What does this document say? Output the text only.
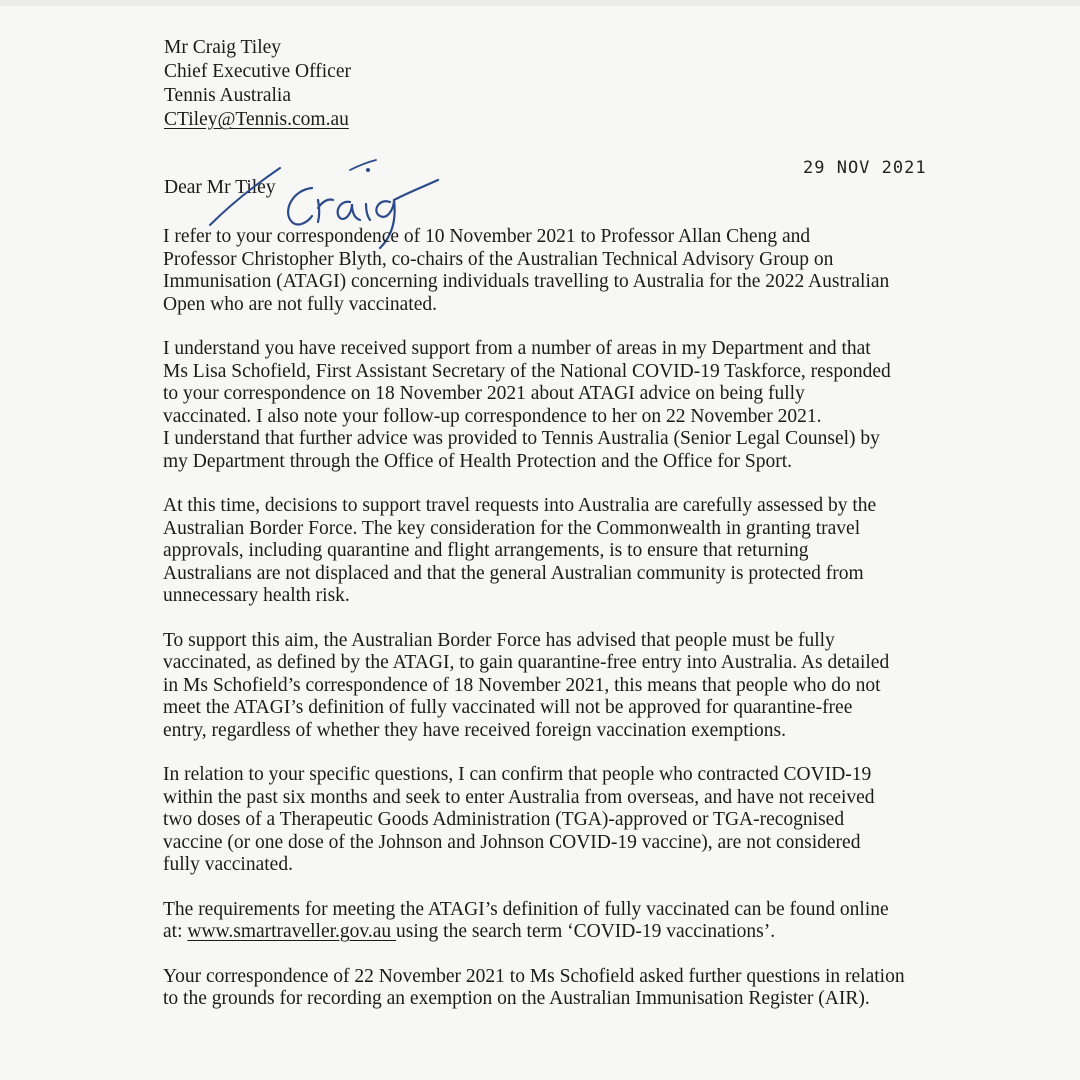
Mr Craig Tiley
Chief Executive Officer
Tennis Australia
CTiley@Tennis.com.au
29 NOV 2021
Dear Mr Tiley

I refer to your correspondence of 10 November 2021 to Professor Allan Cheng and
Professor Christopher Blyth, co-chairs of the Australian Technical Advisory Group on
Immunisation (ATAGI) concerning individuals travelling to Australia for the 2022 Australian
Open who are not fully vaccinated.

I understand you have received support from a number of areas in my Department and that
Ms Lisa Schofield, First Assistant Secretary of the National COVID-19 Taskforce, responded
to your correspondence on 18 November 2021 about ATAGI advice on being fully
vaccinated. I also note your follow-up correspondence to her on 22 November 2021.
I understand that further advice was provided to Tennis Australia (Senior Legal Counsel) by
my Department through the Office of Health Protection and the Office for Sport.

At this time, decisions to support travel requests into Australia are carefully assessed by the
Australian Border Force. The key consideration for the Commonwealth in granting travel
approvals, including quarantine and flight arrangements, is to ensure that returning
Australians are not displaced and that the general Australian community is protected from
unnecessary health risk.

To support this aim, the Australian Border Force has advised that people must be fully
vaccinated, as defined by the ATAGI, to gain quarantine-free entry into Australia. As detailed
in Ms Schofield’s correspondence of 18 November 2021, this means that people who do not
meet the ATAGI’s definition of fully vaccinated will not be approved for quarantine-free
entry, regardless of whether they have received foreign vaccination exemptions.

In relation to your specific questions, I can confirm that people who contracted COVID-19
within the past six months and seek to enter Australia from overseas, and have not received
two doses of a Therapeutic Goods Administration (TGA)-approved or TGA-recognised
vaccine (or one dose of the Johnson and Johnson COVID-19 vaccine), are not considered
fully vaccinated.

The requirements for meeting the ATAGI’s definition of fully vaccinated can be found online
at: www.smartraveller.gov.au using the search term ‘COVID-19 vaccinations’.

Your correspondence of 22 November 2021 to Ms Schofield asked further questions in relation
to the grounds for recording an exemption on the Australian Immunisation Register (AIR).
